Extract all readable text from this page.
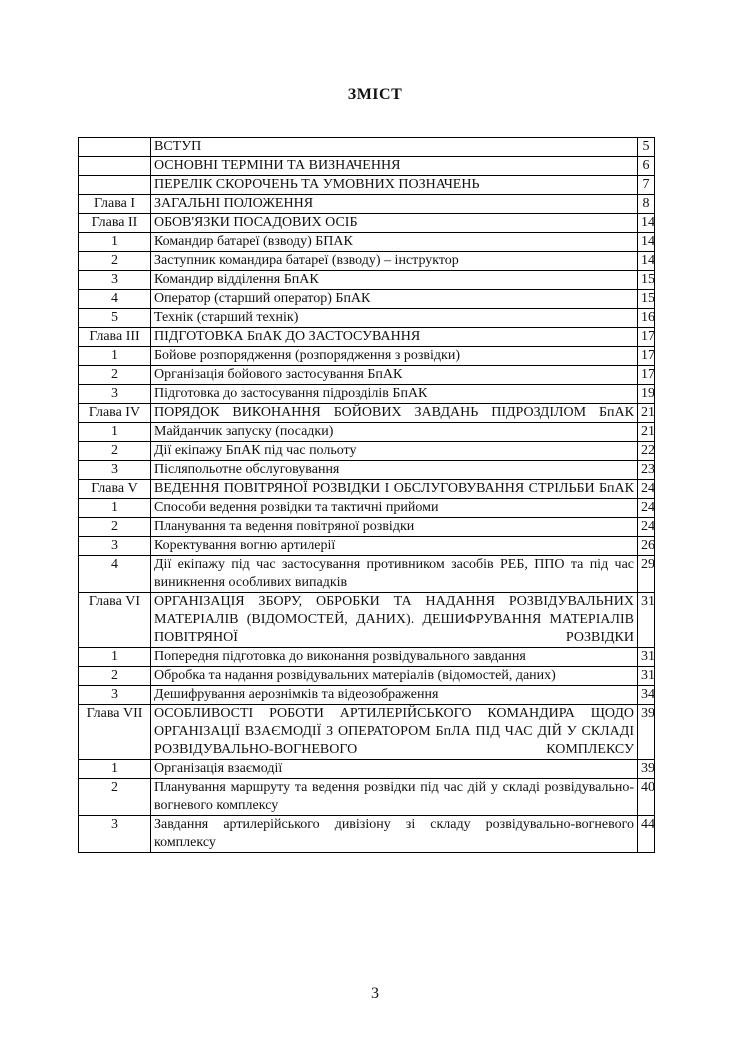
ЗМІСТ
	ВСТУП	5
	ОСНОВНІ ТЕРМІНИ ТА ВИЗНАЧЕННЯ	6
	ПЕРЕЛІК СКОРОЧЕНЬ ТА УМОВНИХ ПОЗНАЧЕНЬ	7
Глава I	ЗАГАЛЬНІ ПОЛОЖЕННЯ	8
Глава II	ОБОВ'ЯЗКИ ПОСАДОВИХ ОСІБ	14
1	Командир батареї (взводу) БПАК	14
2	Заступник командира батареї (взводу) – інструктор	14
3	Командир відділення БпАК	15
4	Оператор (старший оператор) БпАК	15
5	Технік (старший технік)	16
Глава III	ПІДГОТОВКА БпАК ДО ЗАСТОСУВАННЯ	17
1	Бойове розпорядження (розпорядження з розвідки)	17
2	Організація бойового застосування БпАК	17
3	Підготовка до застосування підрозділів БпАК	19
Глава IV	ПОРЯДОК ВИКОНАННЯ БОЙОВИХ ЗАВДАНЬ ПІДРОЗДІЛОМ БпАК	21
1	Майданчик запуску (посадки)	21
2	Дії екіпажу БпАК під час польоту	22
3	Післяпольотне обслуговування	23
Глава V	ВЕДЕННЯ ПОВІТРЯНОЇ РОЗВІДКИ І ОБСЛУГОВУВАННЯ СТРІЛЬБИ БпАК	24
1	Способи ведення розвідки та тактичні прийоми	24
2	Планування та ведення повітряної розвідки	24
3	Коректування вогню артилерії	26
4	Дії екіпажу під час застосування противником засобів РЕБ, ППО та під час виникнення особливих випадків	29
Глава VI	ОРГАНІЗАЦІЯ ЗБОРУ, ОБРОБКИ ТА НАДАННЯ РОЗВІДУВАЛЬНИХ МАТЕРІАЛІВ (ВІДОМОСТЕЙ, ДАНИХ). ДЕШИФРУВАННЯ МАТЕРІАЛІВ ПОВІТРЯНОЇ РОЗВІДКИ	31
1	Попередня підготовка до виконання розвідувального завдання	31
2	Обробка та надання розвідувальних матеріалів (відомостей, даних)	31
3	Дешифрування аерознімків та відеозображення	34
Глава VII	ОСОБЛИВОСТІ РОБОТИ АРТИЛЕРІЙСЬКОГО КОМАНДИРА ЩОДО ОРГАНІЗАЦІЇ ВЗАЄМОДІЇ З ОПЕРАТОРОМ БпЛА ПІД ЧАС ДІЙ У СКЛАДІ РОЗВІДУВАЛЬНО-ВОГНЕВОГО КОМПЛЕКСУ	39
1	Організація взаємодії	39
2	Планування маршруту та ведення розвідки під час дій у складі розвідувально-вогневого комплексу	40
3	Завдання артилерійського дивізіону зі складу розвідувально-вогневого комплексу	44
3
